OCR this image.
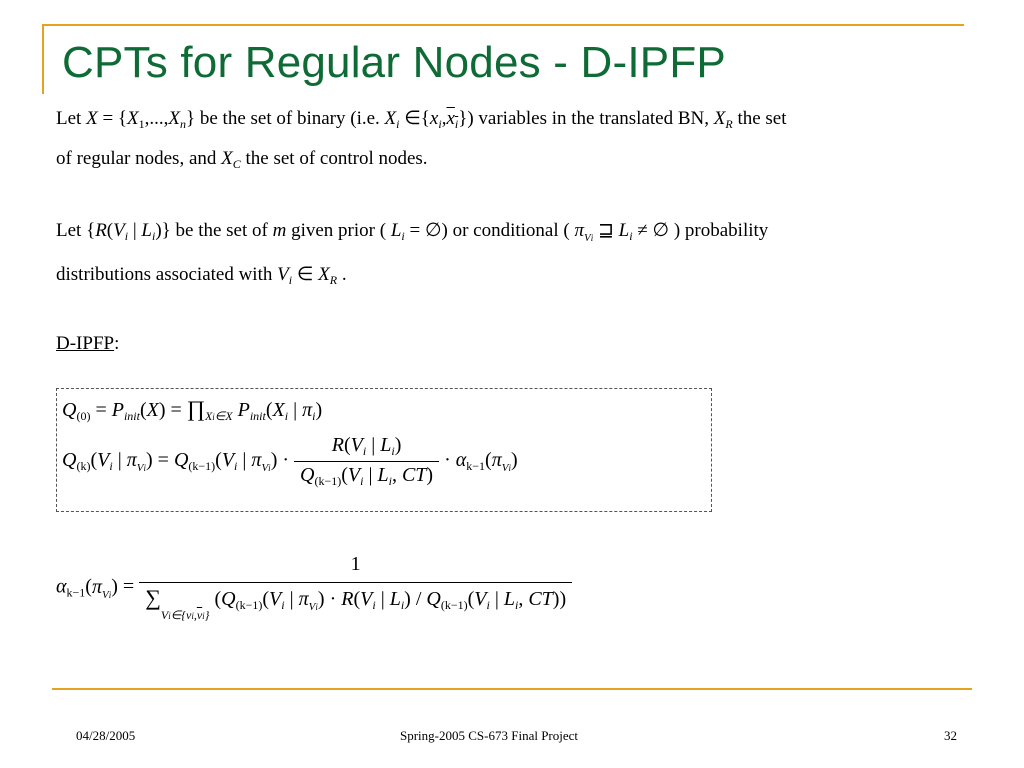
CPTs for Regular Nodes - D-IPFP
Let $X = \{X_1,...,X_n\}$ be the set of binary (i.e. $X_i$ $\in\{x_i,x_i\}$) variables in the translated BN, $X_R$ the set
of regular nodes, and $X_C$ the set of control nodes.
Let {$R(V_i$ | $L_i$)} be the set of m given prior ( $L_i$ = ∅) or conditional ( $\pi_{Vi}$ ⊒ $L_i$ ≠ ∅ ) probability
distributions associated with $V_i$ ∈ $X_R$ .
D-IPFP:
$Q_{(0)} = P_{init}(X)$ = $\prod_{Xi\in X}$ $P_{init}(X_i$ | $\pi_i$)
$Q_{(k)}(V_i$ | $\pi_{Vi}) = Q_{(k-1)}(V_i$ | $\pi_{Vi}) \cdot \frac{R(V_i | L_i)}{Q_{(k-1)}(V_i | L_i, CT)} \cdot \alpha_{k-1}(\pi_{Vi})$
$\alpha_{k-1}(\pi_{Vi})$ =
1
$\sum_{Vi\in\{vi,\overline{v}i\}}$ ($Q_{(k-1)}(V_i$ | $\pi_{Vi}) \cdot R(V_i$ | $L_i) / Q_{(k-1)}(V_i$ | $L_i$, CT))
04/28/2005	Spring-2005 CS-673 Final Project	32
